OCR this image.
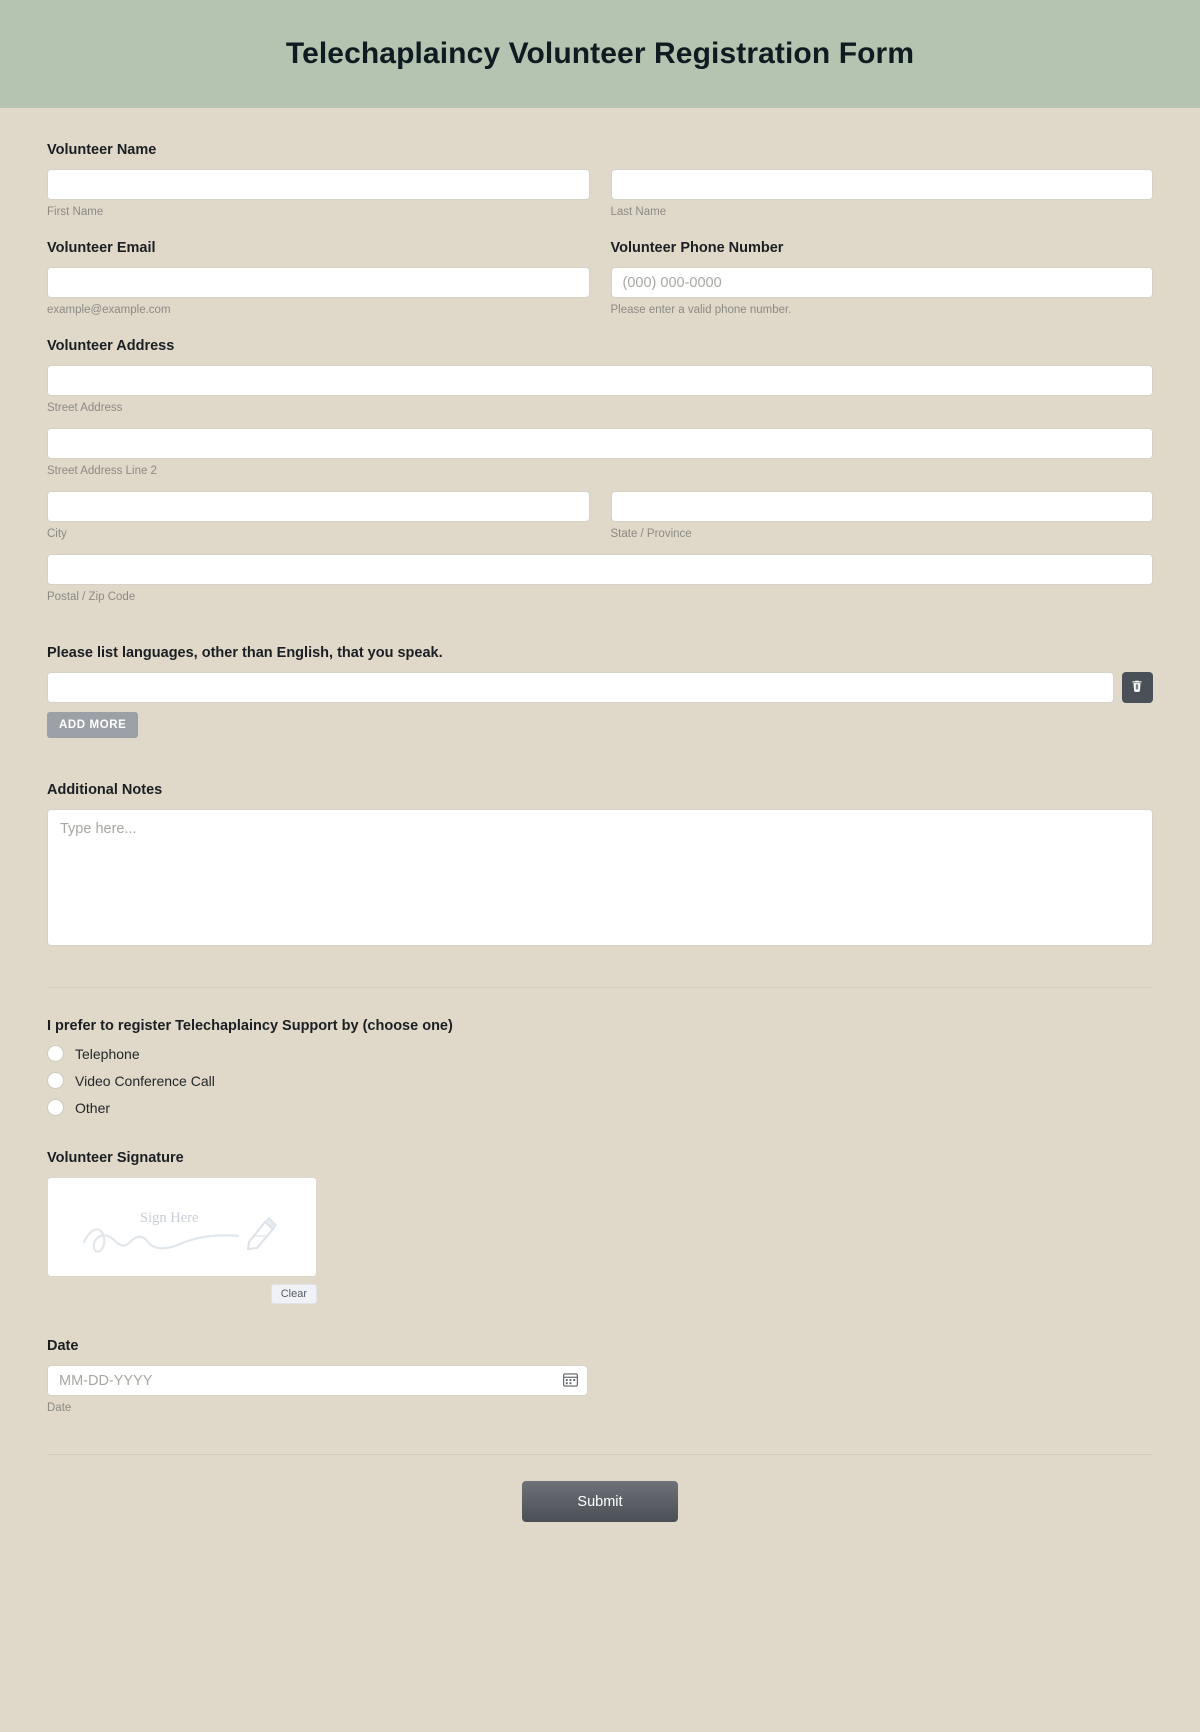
Telechaplaincy Volunteer Registration Form
Volunteer Name
First Name	Last Name
Volunteer Email
example@example.com
Volunteer Phone Number
(000) 000-0000
Please enter a valid phone number.
Volunteer Address
Street Address
Street Address Line 2
City	State / Province
Postal / Zip Code
Please list languages, other than English, that you speak.
ADD MORE
Additional Notes
Type here...
I prefer to register Telechaplaincy Support by (choose one)
Telephone
Video Conference Call
Other
Volunteer Signature
Sign Here
Clear
Date
MM-DD-YYYY
Date
Submit
